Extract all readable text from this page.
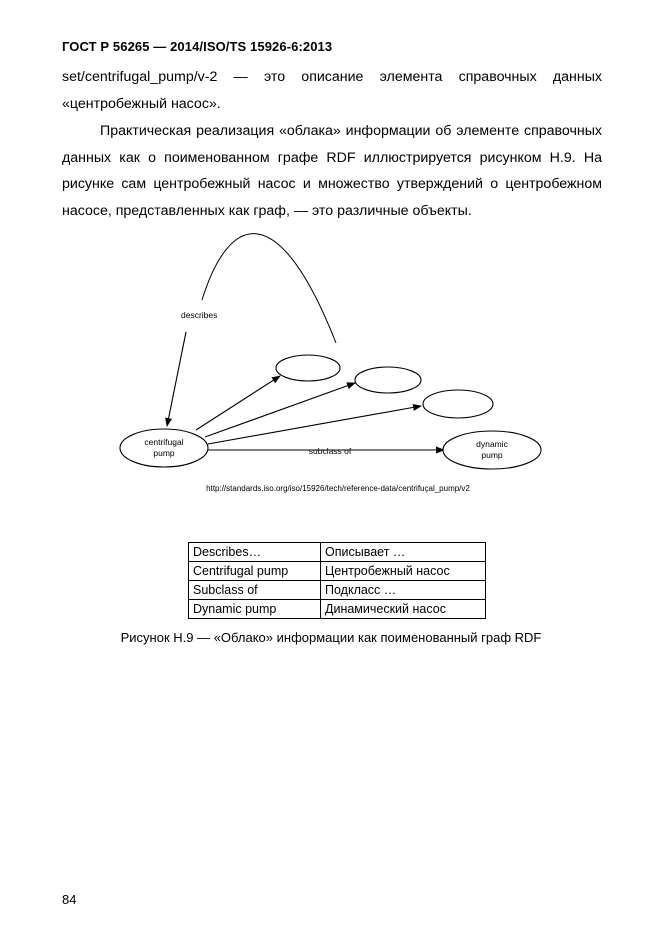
ГОСТ Р 56265 — 2014/ISO/TS 15926-6:2013
set/centrifugal_pump/v-2 — это описание элемента справочных данных «центробежный насос».
Практическая реализация «облака» информации об элементе справочных данных как о поименованном графе RDF иллюстрируется рисунком H.9. На рисунке сам центробежный насос и множество утверждений о центробежном насосе, представленных как граф, — это различные объекты.
describes
centrifugal
pump	subclass of
dynamic
pump
http://standards.iso.org/iso/15926/tech/reference-data/centrifuçal_pump/v2
Describes…	Описывает …
Centrifugal pump	Центробежный насос
Subclass of	Подкласс …
Dynamic pump	Динамический насос
Рисунок H.9 — «Облако» информации как поименованный граф RDF
84
